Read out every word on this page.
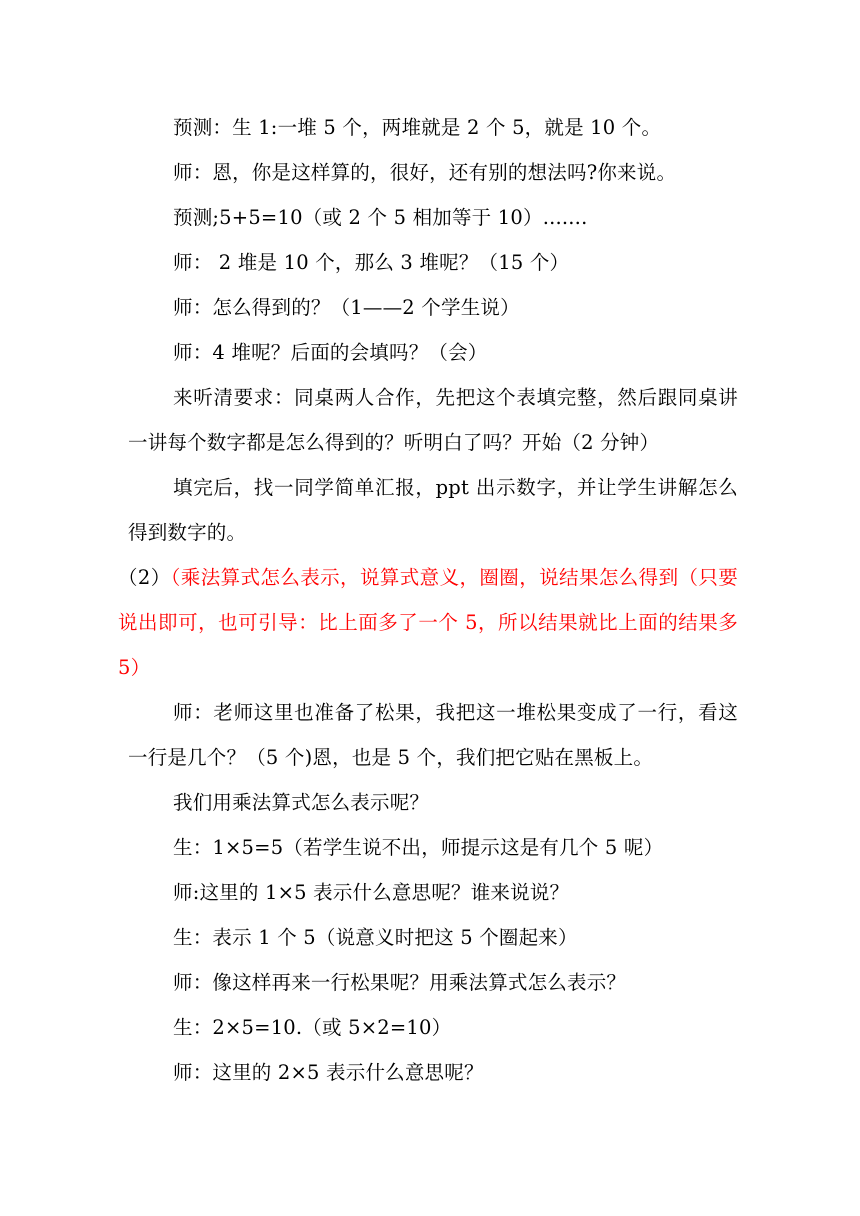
预测：生 1:一堆 5 个，两堆就是 2 个 5，就是 10 个。

师：恩，你是这样算的，很好，还有别的想法吗?你来说。

预测;5+5=10（或 2 个 5 相加等于 10）.......

师： 2 堆是 10 个，那么 3 堆呢？（15 个）

师：怎么得到的？（1——2 个学生说）

师：4 堆呢？后面的会填吗？（会）

来听清要求：同桌两人合作，先把这个表填完整，然后跟同桌讲一讲每个数字都是怎么得到的？听明白了吗？开始（2 分钟）

填完后，找一同学简单汇报，ppt 出示数字，并让学生讲解怎么得到数字的。

（2）（乘法算式怎么表示，说算式意义，圈圈，说结果怎么得到（只要说出即可，也可引导：比上面多了一个 5，所以结果就比上面的结果多 5）

师：老师这里也准备了松果，我把这一堆松果变成了一行，看这一行是几个？（5 个)恩，也是 5 个，我们把它贴在黑板上。

我们用乘法算式怎么表示呢？

生：1×5=5（若学生说不出，师提示这是有几个 5 呢）

师:这里的 1×5 表示什么意思呢？谁来说说？

生：表示 1 个 5（说意义时把这 5 个圈起来）

师：像这样再来一行松果呢？用乘法算式怎么表示？

生：2×5=10.（或 5×2=10）

师：这里的 2×5 表示什么意思呢？
